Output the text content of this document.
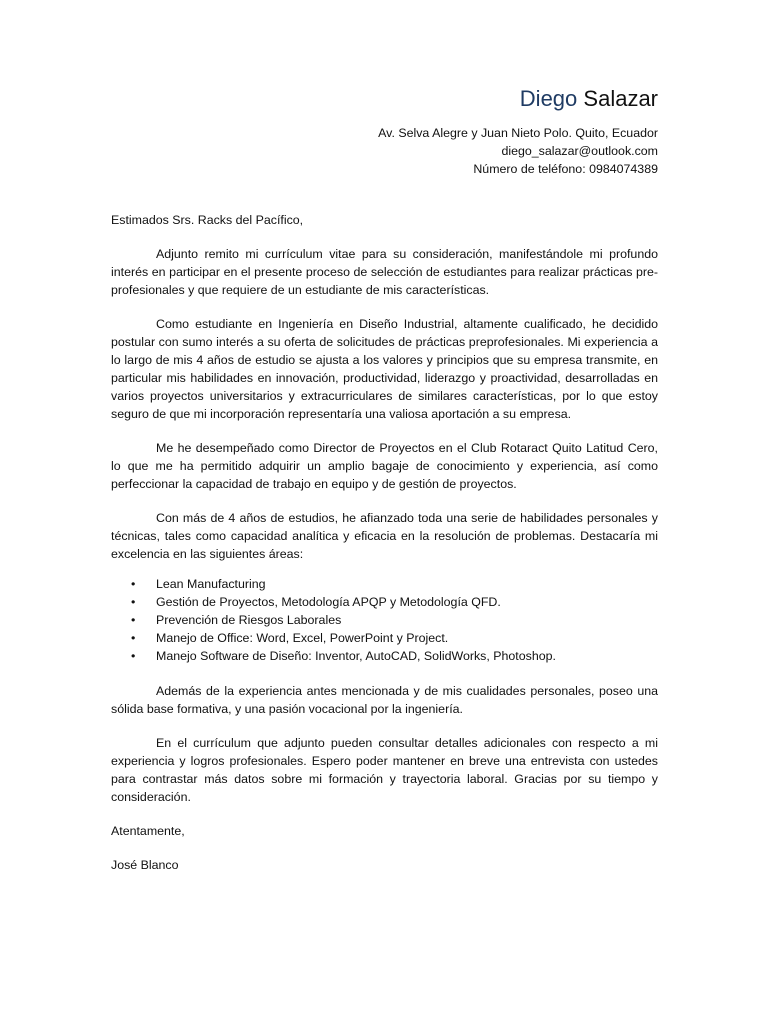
Diego Salazar

Av. Selva Alegre y Juan Nieto Polo. Quito, Ecuador

diego_salazar@outlook.com

Número de teléfono: 0984074389

Estimados Srs. Racks del Pacífico,

Adjunto remito mi currículum vitae para su consideración, manifestándole mi profundo interés en participar en el presente proceso de selección de estudiantes para realizar prácticas pre-profesionales y que requiere de un estudiante de mis características.

Como estudiante en Ingeniería en Diseño Industrial, altamente cualificado, he decidido postular con sumo interés a su oferta de solicitudes de prácticas preprofesionales. Mi experiencia a lo largo de mis 4 años de estudio se ajusta a los valores y principios que su empresa transmite, en particular mis habilidades en innovación, productividad, liderazgo y proactividad, desarrolladas en varios proyectos universitarios y extracurriculares de similares características, por lo que estoy seguro de que mi incorporación representaría una valiosa aportación a su empresa.

Me he desempeñado como Director de Proyectos en el Club Rotaract Quito Latitud Cero, lo que me ha permitido adquirir un amplio bagaje de conocimiento y experiencia, así como perfeccionar la capacidad de trabajo en equipo y de gestión de proyectos.

Con más de 4 años de estudios, he afianzado toda una serie de habilidades personales y técnicas, tales como capacidad analítica y eficacia en la resolución de problemas. Destacaría mi excelencia en las siguientes áreas:

• Lean Manufacturing
• Gestión de Proyectos, Metodología APQP y Metodología QFD.
• Prevención de Riesgos Laborales
• Manejo de Office: Word, Excel, PowerPoint y Project.
• Manejo Software de Diseño: Inventor, AutoCAD, SolidWorks, Photoshop.

Además de la experiencia antes mencionada y de mis cualidades personales, poseo una sólida base formativa, y una pasión vocacional por la ingeniería.

En el currículum que adjunto pueden consultar detalles adicionales con respecto a mi experiencia y logros profesionales. Espero poder mantener en breve una entrevista con ustedes para contrastar más datos sobre mi formación y trayectoria laboral. Gracias por su tiempo y consideración.

Atentamente,

José Blanco
